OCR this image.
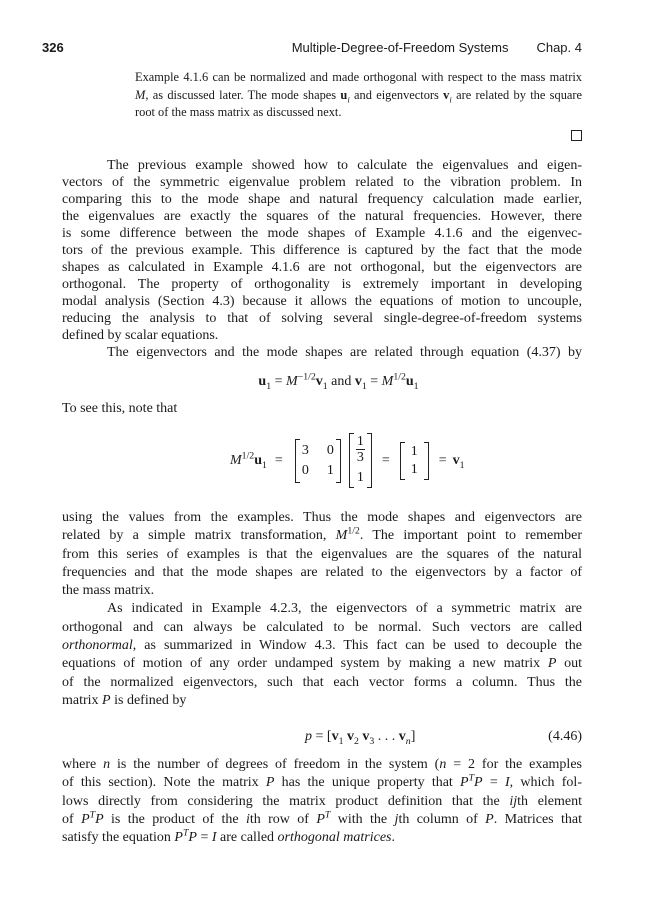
326	Multiple-Degree-of-Freedom Systems Chap. 4
Example 4.1.6 can be normalized and made orthogonal with respect to the mass matrix
M, as discussed later. The mode shapes $u_i$ and eigenvectors $v_i$ are related by the square
root of the mass matrix as discussed next.
The previous example showed how to calculate the eigenvalues and eigen-
vectors of the symmetric eigenvalue problem related to the vibration problem. In
comparing this to the mode shape and natural frequency calculation made earlier,
the eigenvalues are exactly the squares of the natural frequencies. However, there
is some difference between the mode shapes of Example 4.1.6 and the eigenvec-
tors of the previous example. This difference is captured by the fact that the mode
shapes as calculated in Example 4.1.6 are not orthogonal, but the eigenvectors are
orthogonal. The property of orthogonality is extremely important in developing
modal analysis (Section 4.3) because it allows the equations of motion to uncouple,
reducing the analysis to that of solving several single-degree-of-freedom systems
defined by scalar equations.
The eigenvectors and the mode shapes are related through equation (4.37) by
$u_1 = M^{-1/2}v_1$ and $v_1 = M^{1/2}u_1$
To see this, note that
$M^{1/2}u_1$ =
3 0
0 1
$\frac{1}{3}$
1
=
1
1
= $v_1$
using the values from the examples. Thus the mode shapes and eigenvectors are
related by a simple matrix transformation, $M^{1/2}$. The important point to remember
from this series of examples is that the eigenvalues are the squares of the natural
frequencies and that the mode shapes are related to the eigenvectors by a factor of
the mass matrix.
As indicated in Example 4.2.3, the eigenvectors of a symmetric matrix are
orthogonal and can always be calculated to be normal. Such vectors are called
orthonormal, as summarized in Window 4.3. This fact can be used to decouple the
equations of motion of any order undamped system by making a new matrix P out
of the normalized eigenvectors, such that each vector forms a column. Thus the
matrix P is defined by
$p = [v_1$ $v_2$ $v_3$ . . . $v_n$]	(4.46)
where n is the number of degrees of freedom in the system (n = 2 for the examples
of this section). Note the matrix P has the unique property that $P^TP = I$, which fol-
lows directly from considering the matrix product definition that the ijth element
of $P^TP$ is the product of the ith row of $P^T$ with the jth column of P. Matrices that
satisfy the equation $P^TP = I$ are called orthogonal matrices.
